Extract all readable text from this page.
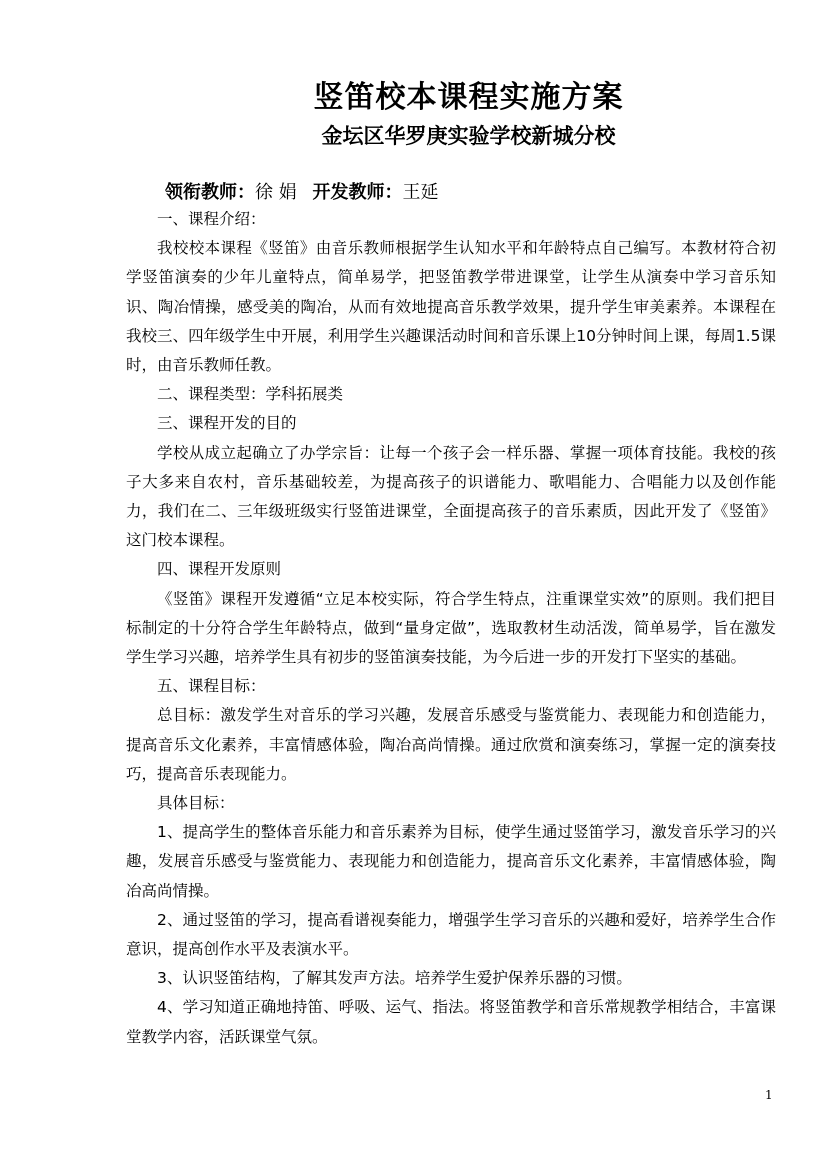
竖笛校本课程实施方案
金坛区华罗庚实验学校新城分校
领衔教师：徐 娟 开发教师：王延

一、课程介绍：

我校校本课程《竖笛》由音乐教师根据学生认知水平和年龄特点自己编写。本教材符合初学竖笛演奏的少年儿童特点，简单易学，把竖笛教学带进课堂，让学生从演奏中学习音乐知识、陶冶情操，感受美的陶冶，从而有效地提高音乐教学效果，提升学生审美素养。本课程在我校三、四年级学生中开展，利用学生兴趣课活动时间和音乐课上10分钟时间上课，每周1.5课时，由音乐教师任教。

二、课程类型：学科拓展类

三、课程开发的目的

学校从成立起确立了办学宗旨：让每一个孩子会一样乐器、掌握一项体育技能。我校的孩子大多来自农村，音乐基础较差，为提高孩子的识谱能力、歌唱能力、合唱能力以及创作能力，我们在二、三年级班级实行竖笛进课堂，全面提高孩子的音乐素质，因此开发了《竖笛》这门校本课程。

四、课程开发原则

《竖笛》课程开发遵循“立足本校实际，符合学生特点，注重课堂实效”的原则。我们把目标制定的十分符合学生年龄特点，做到“量身定做”，选取教材生动活泼，简单易学，旨在激发学生学习兴趣，培养学生具有初步的竖笛演奏技能，为今后进一步的开发打下坚实的基础。

五、课程目标：

总目标：激发学生对音乐的学习兴趣，发展音乐感受与鉴赏能力、表现能力和创造能力，提高音乐文化素养，丰富情感体验，陶冶高尚情操。通过欣赏和演奏练习，掌握一定的演奏技巧，提高音乐表现能力。

具体目标：

1、提高学生的整体音乐能力和音乐素养为目标，使学生通过竖笛学习，激发音乐学习的兴趣，发展音乐感受与鉴赏能力、表现能力和创造能力，提高音乐文化素养，丰富情感体验，陶冶高尚情操。

2、通过竖笛的学习，提高看谱视奏能力，增强学生学习音乐的兴趣和爱好，培养学生合作意识，提高创作水平及表演水平。

3、认识竖笛结构，了解其发声方法。培养学生爱护保养乐器的习惯。

4、学习知道正确地持笛、呼吸、运气、指法。将竖笛教学和音乐常规教学相结合，丰富课堂教学内容，活跃课堂气氛。

1
